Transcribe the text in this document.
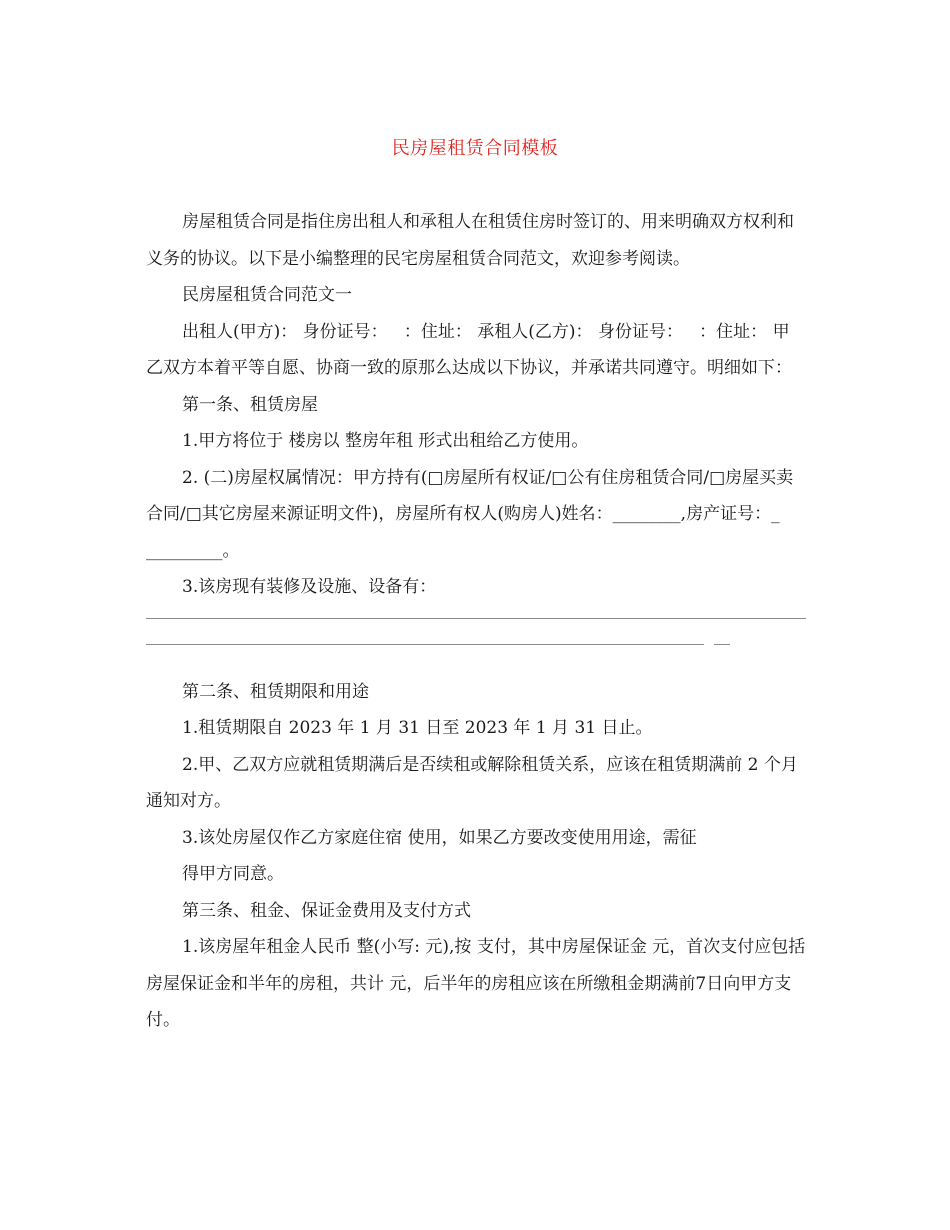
民房屋租赁合同模板

房屋租赁合同是指住房出租人和承租人在租赁住房时签订的、用来明确双方权利和义务的协议。以下是小编整理的民宅房屋租赁合同范文，欢迎参考阅读。

民房屋租赁合同范文一

出租人(甲方)： 身份证号：   ：住址： 承租人(乙方)： 身份证号：   ：住址： 甲乙双方本着平等自愿、协商一致的原那么达成以下协议，并承诺共同遵守。明细如下：

第一条、租赁房屋

1.甲方将位于 楼房以 整房年租 形式出租给乙方使用。

2. (二)房屋权属情况：甲方持有(□房屋所有权证/□公有住房租赁合同/□房屋买卖合同/□其它房屋来源证明文件)，房屋所有权人(购房人)姓名：________,房产证号：_ _________。

3.该房现有装修及设施、设备有：

第二条、租赁期限和用途

1.租赁期限自 2023 年 1 月 31 日至 2023 年 1 月 31 日止。

2.甲、乙双方应就租赁期满后是否续租或解除租赁关系，应该在租赁期满前 2 个月通知对方。

3.该处房屋仅作乙方家庭住宿 使用，如果乙方要改变使用用途，需征

得甲方同意。

第三条、租金、保证金费用及支付方式

1.该房屋年租金人民币 整(小写: 元),按 支付，其中房屋保证金 元，首次支付应包括房屋保证金和半年的房租，共计 元，后半年的房租应该在所缴租金期满前7日向甲方支付。
